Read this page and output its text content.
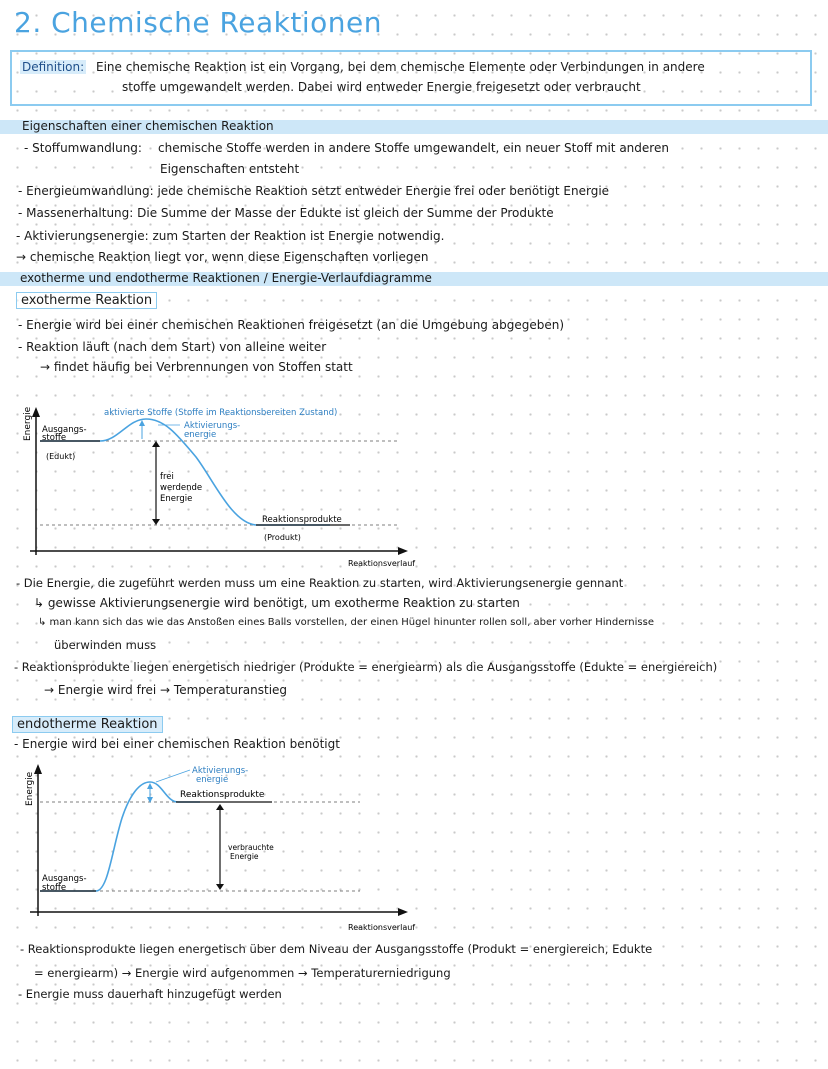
2. Chemische Reaktionen
Definition: Eine chemische Reaktion ist ein Vorgang, bei dem chemische Elemente oder Verbindungen in andere
stoffe umgewandelt werden. Dabei wird entweder Energie freigesetzt oder verbraucht
Eigenschaften einer chemischen Reaktion
- Stoffumwandlung: chemische Stoffe werden in andere Stoffe umgewandelt, ein neuer Stoff mit anderen
Eigenschaften entsteht
- Energieumwandlung: jede chemische Reaktion setzt entweder Energie frei oder benötigt Energie
- Massenerhaltung: Die Summe der Masse der Edukte ist gleich der Summe der Produkte
- Aktivierungsenergie: zum Starten der Reaktion ist Energie notwendig.
→ chemische Reaktion liegt vor, wenn diese Eigenschaften vorliegen
exotherme und endotherme Reaktionen / Energie-Verlaufdiagramme
exotherme Reaktion
- Energie wird bei einer chemischen Reaktionen freigesetzt (an die Umgebung abgegeben)
- Reaktion läuft (nach dem Start) von alleine weiter
→ findet häufig bei Verbrennungen von Stoffen statt
Energie
Reaktionsverlauf
Ausgangs-
stoffe
(Edukt)
aktivierte Stoffe (Stoffe im Reaktionsbereiten Zustand)
Aktivierungs-
energie
frei
werdende
Energie
Reaktionsprodukte
(Produkt)
- Die Energie, die zugeführt werden muss um eine Reaktion zu starten, wird Aktivierungsenergie gennant
↳ gewisse Aktivierungsenergie wird benötigt, um exotherme Reaktion zu starten
↳ man kann sich das wie das Anstoßen eines Balls vorstellen, der einen Hügel hinunter rollen soll, aber vorher Hindernisse
überwinden muss
- Reaktionsprodukte liegen energetisch niedriger (Produkte = energiearm) als die Ausgangsstoffe (Edukte = energiereich)
→ Energie wird frei → Temperaturanstieg
endotherme Reaktion
- Energie wird bei einer chemischen Reaktion benötigt
Energie
Reaktionsverlauf
Aktivierungs-
energie
Reaktionsprodukte
verbrauchte
Energie
Ausgangs-
stoffe
- Reaktionsprodukte liegen energetisch über dem Niveau der Ausgangsstoffe (Produkt = energiereich, Edukte
= energiearm) → Energie wird aufgenommen → Temperaturerniedrigung
- Energie muss dauerhaft hinzugefügt werden
